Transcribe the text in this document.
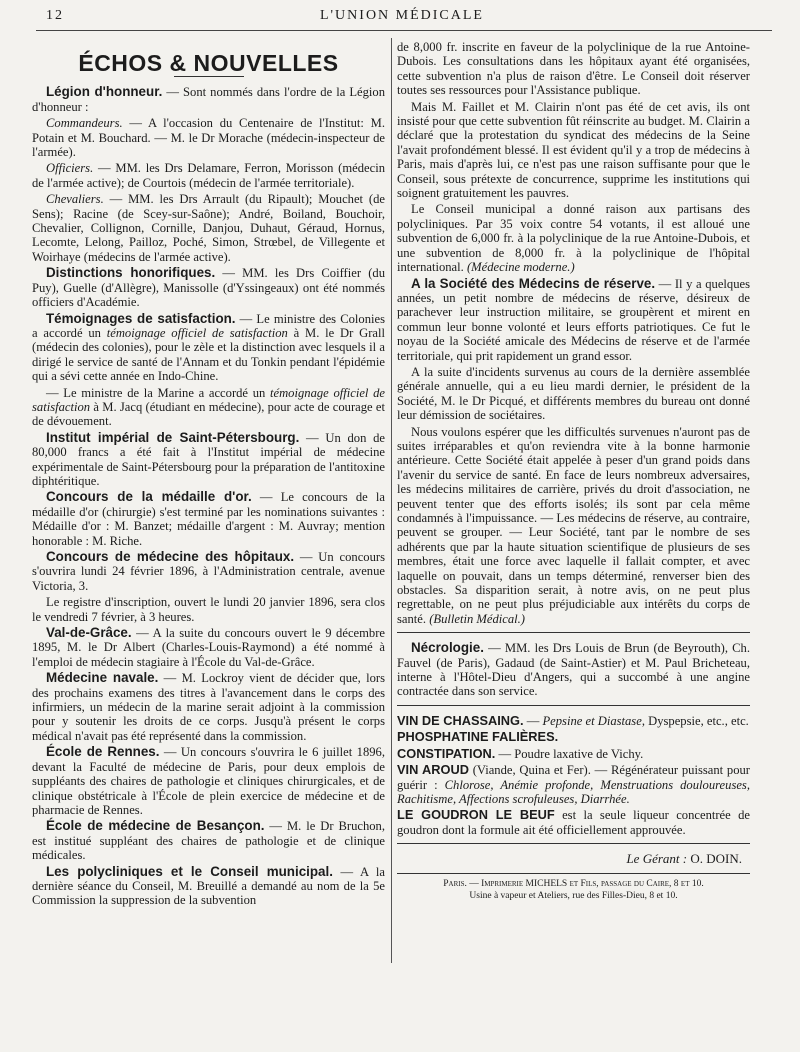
12	L'UNION MÉDICALE
ÉCHOS & NOUVELLES

Légion d'honneur. — Sont nommés dans l'ordre de la Légion d'honneur :

Commandeurs. — A l'occasion du Centenaire de l'Institut: M. Potain et M. Bouchard. — M. le Dr Morache (médecin-inspecteur de l'armée).

Officiers. — MM. les Drs Delamare, Ferron, Morisson (médecin de l'armée active); de Courtois (médecin de l'armée territoriale).

Chevaliers. — MM. les Drs Arrault (du Ripault); Mouchet (de Sens); Racine (de Scey-sur-Saône); André, Boiland, Bouchoir, Chevalier, Collignon, Cornille, Danjou, Duhaut, Géraud, Hornus, Lecomte, Lelong, Pailloz, Poché, Simon, Strœbel, de Villegente et Woirhaye (médecins de l'armée active).

Distinctions honorifiques. — MM. les Drs Coiffier (du Puy), Guelle (d'Allègre), Manissolle (d'Yssingeaux) ont été nommés officiers d'Académie.

Témoignages de satisfaction. — Le ministre des Colonies a accordé un témoignage officiel de satisfaction à M. le Dr Grall (médecin des colonies), pour le zèle et la distinction avec lesquels il a dirigé le service de santé de l'Annam et du Tonkin pendant l'épidémie qui a sévi cette année en Indo-Chine.

— Le ministre de la Marine a accordé un témoignage officiel de satisfaction à M. Jacq (étudiant en médecine), pour acte de courage et de dévouement.

Institut impérial de Saint-Pétersbourg. — Un don de 80,000 francs a été fait à l'Institut impérial de médecine expérimentale de Saint-Pétersbourg pour la préparation de l'antitoxine diphtéritique.

Concours de la médaille d'or. — Le concours de la médaille d'or (chirurgie) s'est terminé par les nominations suivantes : Médaille d'or : M. Banzet; médaille d'argent : M. Auvray; mention honorable : M. Riche.

Concours de médecine des hôpitaux. — Un concours s'ouvrira lundi 24 février 1896, à l'Administration centrale, avenue Victoria, 3.

Le registre d'inscription, ouvert le lundi 20 janvier 1896, sera clos le vendredi 7 février, à 3 heures.

Val-de-Grâce. — A la suite du concours ouvert le 9 décembre 1895, M. le Dr Albert (Charles-Louis-Raymond) a été nommé à l'emploi de médecin stagiaire à l'École du Val-de-Grâce.

Médecine navale. — M. Lockroy vient de décider que, lors des prochains examens des titres à l'avancement dans le corps des infirmiers, un médecin de la marine serait adjoint à la commission pour y soutenir les droits de ce corps. Jusqu'à présent le corps médical n'avait pas été représenté dans la commission.

École de Rennes. — Un concours s'ouvrira le 6 juillet 1896, devant la Faculté de médecine de Paris, pour deux emplois de suppléants des chaires de pathologie et cliniques chirurgicales, et de clinique obstétricale à l'École de plein exercice de médecine et de pharmacie de Rennes.

École de médecine de Besançon. — M. le Dr Bruchon, est institué suppléant des chaires de pathologie et de clinique médicales.

Les polycliniques et le Conseil municipal. — A la dernière séance du Conseil, M. Breuillé a demandé au nom de la 5e Commission la suppression de la subvention

de 8,000 fr. inscrite en faveur de la polyclinique de la rue Antoine-Dubois. Les consultations dans les hôpitaux ayant été organisées, cette subvention n'a plus de raison d'être. Le Conseil doit réserver toutes ses ressources pour l'Assistance publique.

Mais M. Faillet et M. Clairin n'ont pas été de cet avis, ils ont insisté pour que cette subvention fût réinscrite au budget. M. Clairin a déclaré que la protestation du syndicat des médecins de la Seine l'avait profondément blessé. Il est évident qu'il y a trop de médecins à Paris, mais d'après lui, ce n'est pas une raison suffisante pour que le Conseil, sous prétexte de concurrence, supprime les institutions qui soignent gratuitement les pauvres.

Le Conseil municipal a donné raison aux partisans des polycliniques. Par 35 voix contre 54 votants, il est alloué une subvention de 6,000 fr. à la polyclinique de la rue Antoine-Dubois, et une subvention de 8,000 fr. à la polyclinique de l'hôpital international. (Médecine moderne.)

A la Société des Médecins de réserve. — Il y a quelques années, un petit nombre de médecins de réserve, désireux de parachever leur instruction militaire, se groupèrent et mirent en commun leur bonne volonté et leurs efforts patriotiques. Ce fut le noyau de la Société amicale des Médecins de réserve et de l'armée territoriale, qui prit rapidement un grand essor.

A la suite d'incidents survenus au cours de la dernière assemblée générale annuelle, qui a eu lieu mardi dernier, le président de la Société, M. le Dr Picqué, et différents membres du bureau ont donné leur démission de sociétaires.

Nous voulons espérer que les difficultés survenues n'auront pas de suites irréparables et qu'on reviendra vite à la bonne harmonie antérieure. Cette Société était appelée à peser d'un grand poids dans l'avenir du service de santé. En face de leurs nombreux adversaires, les médecins militaires de carrière, privés du droit d'association, ne peuvent tenter que des efforts isolés; ils sont par cela même condamnés à l'impuissance. — Les médecins de réserve, au contraire, peuvent se grouper. — Leur Société, tant par le nombre de ses adhérents que par la haute situation scientifique de plusieurs de ses membres, était une force avec laquelle il fallait compter, et avec laquelle on pouvait, dans un temps déterminé, renverser bien des obstacles. Sa disparition serait, à notre avis, on ne peut plus regrettable, on ne peut plus préjudiciable aux intérêts du corps de santé. (Bulletin Médical.)

Nécrologie. — MM. les Drs Louis de Brun (de Beyrouth), Ch. Fauvel (de Paris), Gadaud (de Saint-Astier) et M. Paul Bricheteau, interne à l'Hôtel-Dieu d'Angers, qui a succombé à une angine contractée dans son service.

VIN DE CHASSAING. — Pepsine et Diastase, Dyspepsie, etc., etc.

PHOSPHATINE FALIÈRES.

CONSTIPATION. — Poudre laxative de Vichy.

VIN AROUD (Viande, Quina et Fer). — Régénérateur puissant pour guérir : Chlorose, Anémie profonde, Menstruations douloureuses, Rachitisme, Affections scrofuleuses, Diarrhée.

LE GOUDRON LE BEUF est la seule liqueur concentrée de goudron dont la formule ait été officiellement approuvée.

Le Gérant : O. DOIN.
Paris. — Imprimerie MICHELS et Fils, passage du Caire, 8 et 10.
Usine à vapeur et Ateliers, rue des Filles-Dieu, 8 et 10.
